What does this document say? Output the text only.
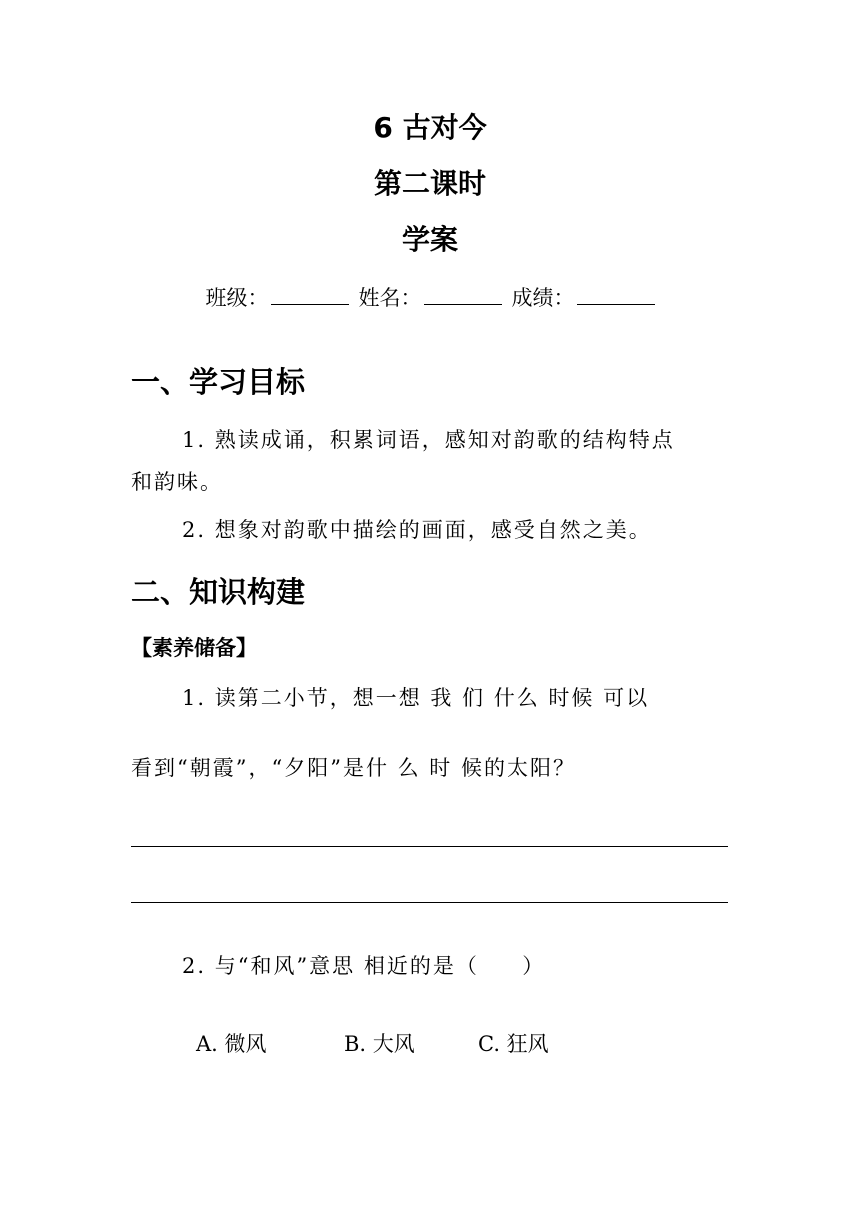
6 古对今
第二课时
学案
班级：	姓名：	成绩：
一、学习目标
1. 熟读成诵，积累词语，感知对韵歌的结构特点
和韵味。
2. 想象对韵歌中描绘的画面，感受自然之美。
二、知识构建
【素养储备】
1. 读第二小节，想一想 我 们 什么 时候 可以
看到“朝霞”，“夕阳”是什 么 时 候的太阳？
2. 与“和风”意思 相近的是（     ）
A. 微风	B. 大风	C. 狂风
